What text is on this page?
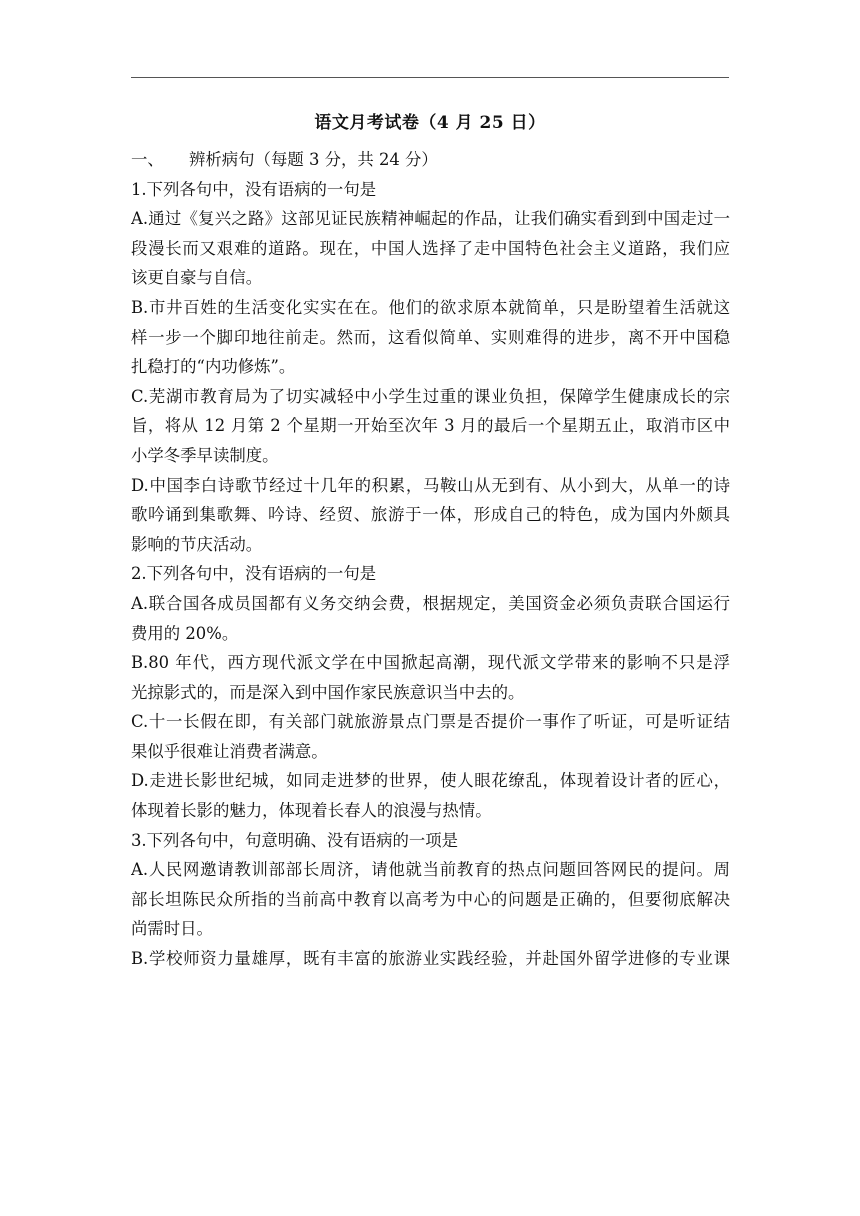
语文月考试卷（4 月 25 日）
一、 辨析病句（每题 3 分，共 24 分）
1.下列各句中，没有语病的一句是
A.通过《复兴之路》这部见证民族精神崛起的作品，让我们确实看到到中国走过一
段漫长而又艰难的道路。现在，中国人选择了走中国特色社会主义道路，我们应
该更自豪与自信。
B.市井百姓的生活变化实实在在。他们的欲求原本就简单，只是盼望着生活就这
样一步一个脚印地往前走。然而，这看似简单、实则难得的进步，离不开中国稳
扎稳打的“内功修炼”。
C.芜湖市教育局为了切实减轻中小学生过重的课业负担，保障学生健康成长的宗
旨，将从 12 月第 2 个星期一开始至次年 3 月的最后一个星期五止，取消市区中
小学冬季早读制度。
D.中国李白诗歌节经过十几年的积累，马鞍山从无到有、从小到大，从单一的诗
歌吟诵到集歌舞、吟诗、经贸、旅游于一体，形成自己的特色，成为国内外颇具
影响的节庆活动。
2.下列各句中，没有语病的一句是
A.联合国各成员国都有义务交纳会费，根据规定，美国资金必须负责联合国运行
费用的 20%。
B.80 年代，西方现代派文学在中国掀起高潮，现代派文学带来的影响不只是浮
光掠影式的，而是深入到中国作家民族意识当中去的。
C.十一长假在即，有关部门就旅游景点门票是否提价一事作了听证，可是听证结
果似乎很难让消费者满意。
D.走进长影世纪城，如同走进梦的世界，使人眼花缭乱，体现着设计者的匠心，
体现着长影的魅力，体现着长春人的浪漫与热情。
3.下列各句中，句意明确、没有语病的一项是
A.人民网邀请教训部部长周济，请他就当前教育的热点问题回答网民的提问。周
部长坦陈民众所指的当前高中教育以高考为中心的问题是正确的，但要彻底解决
尚需时日。
B.学校师资力量雄厚，既有丰富的旅游业实践经验，并赴国外留学进修的专业课
